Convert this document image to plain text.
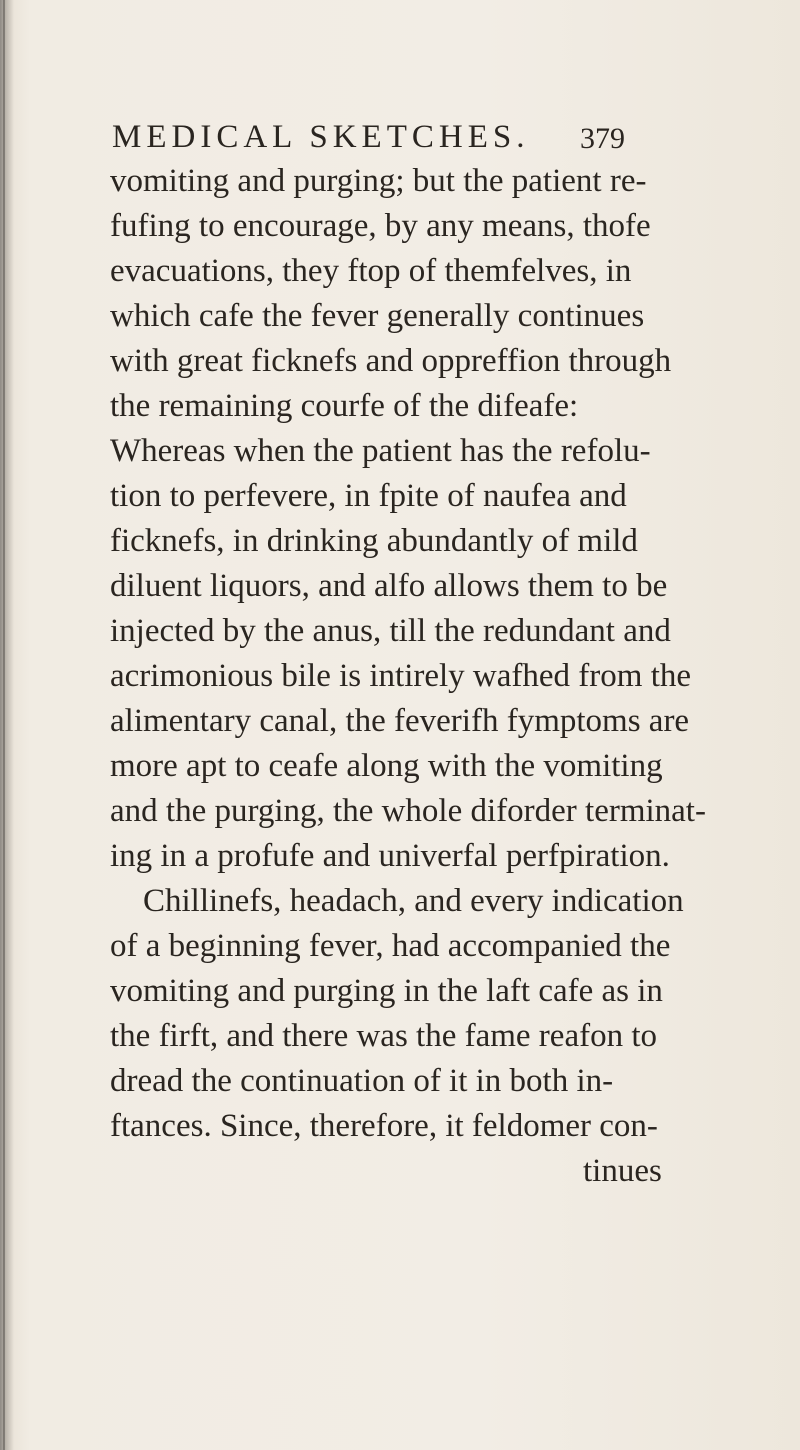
MEDICAL SKETCHES. 379
vomiting and purging; but the patient re-
fufing to encourage, by any means, thofe
evacuations, they ftop of themfelves, in
which cafe the fever generally continues
with great ficknefs and oppreffion through
the remaining courfe of the difeafe:
Whereas when the patient has the refolu-
tion to perfevere, in fpite of naufea and
ficknefs, in drinking abundantly of mild
diluent liquors, and alfo allows them to be
injected by the anus, till the redundant and
acrimonious bile is intirely wafhed from the
alimentary canal, the feverifh fymptoms are
more apt to ceafe along with the vomiting
and the purging, the whole diforder terminat-
ing in a profufe and univerfal perfpiration.
Chillinefs, headach, and every indication
of a beginning fever, had accompanied the
vomiting and purging in the laft cafe as in
the firft, and there was the fame reafon to
dread the continuation of it in both in-
ftances. Since, therefore, it feldomer con-
tinues
